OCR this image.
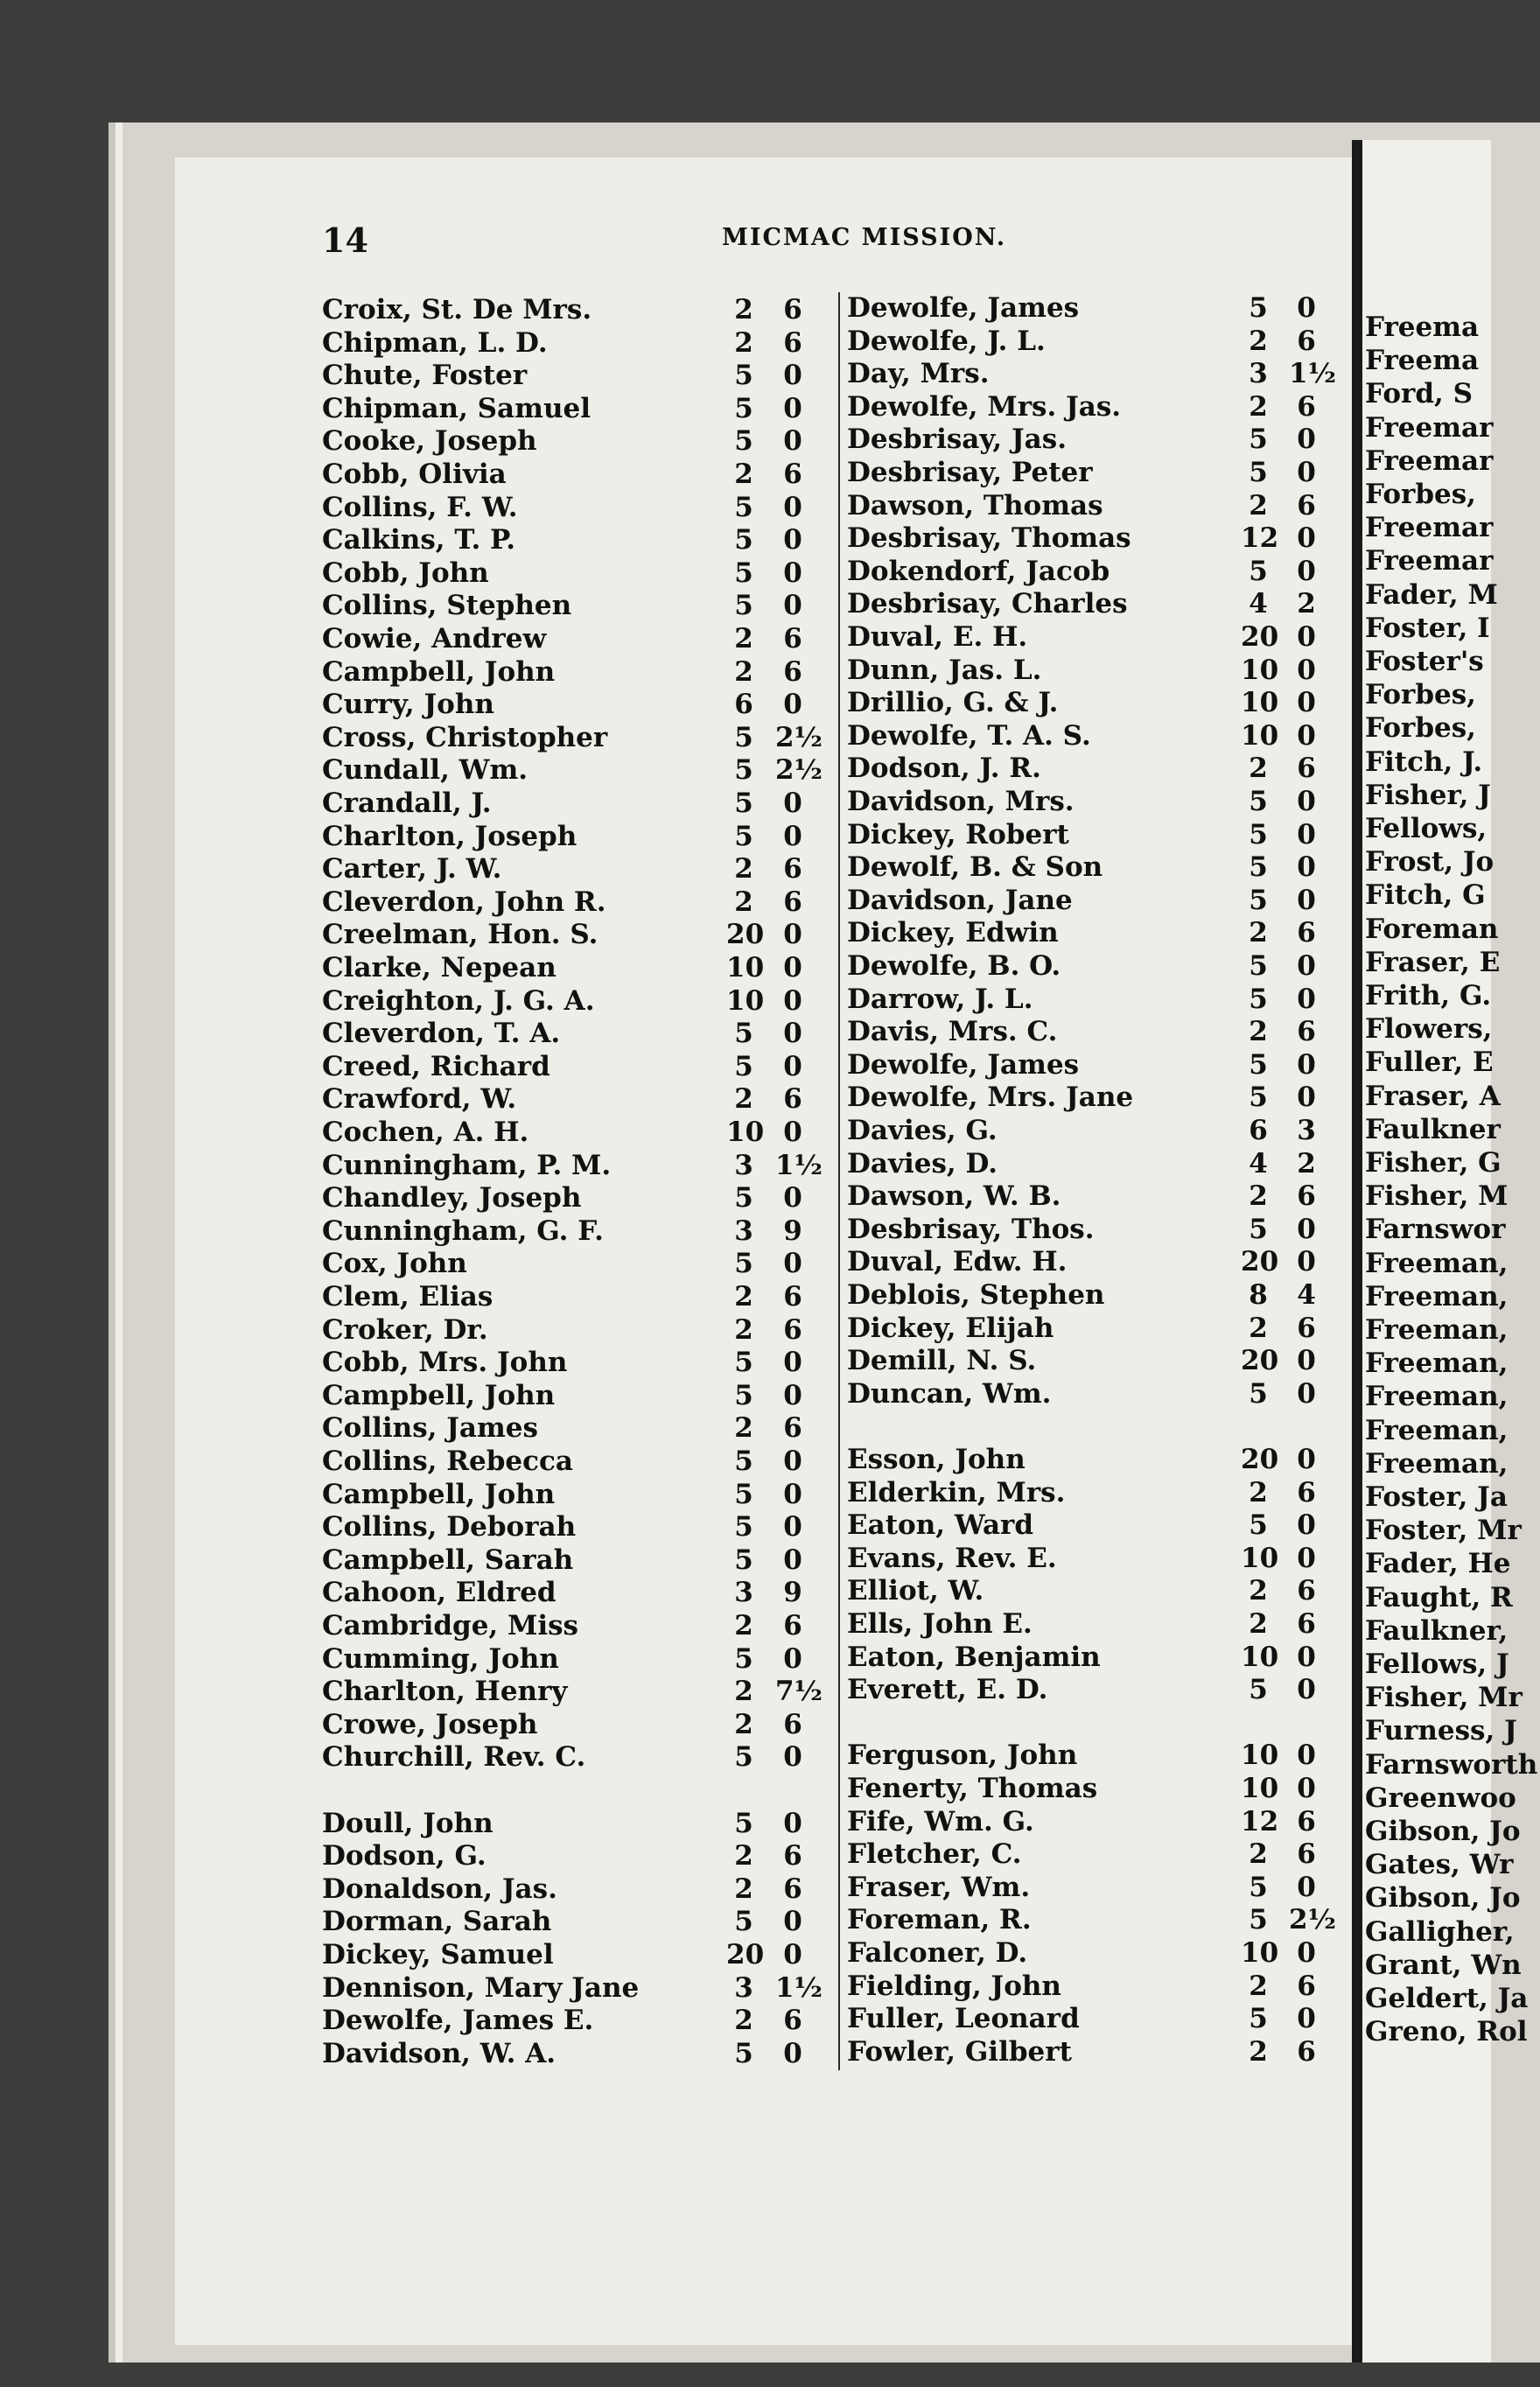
14	MICMAC MISSION.
Croix, St. De Mrs.	2 6
Chipman, L. D.	2 6
Chute, Foster	5 0
Chipman, Samuel	5 0
Cooke, Joseph	5 0
Cobb, Olivia	2 6
Collins, F. W.	5 0
Calkins, T. P.	5 0
Cobb, John	5 0
Collins, Stephen	5 0
Cowie, Andrew	2 6
Campbell, John	2 6
Curry, John	6 0
Cross, Christopher	5 2½
Cundall, Wm.	5 2½
Crandall, J.	5 0
Charlton, Joseph	5 0
Carter, J. W.	2 6
Cleverdon, John R.	2 6
Creelman, Hon. S.	20 0
Clarke, Nepean	10 0
Creighton, J. G. A.	10 0
Cleverdon, T. A.	5 0
Creed, Richard	5 0
Crawford, W.	2 6
Cochen, A. H.	10 0
Cunningham, P. M.	3 1½
Chandley, Joseph	5 0
Cunningham, G. F.	3 9
Cox, John	5 0
Clem, Elias	2 6
Croker, Dr.	2 6
Cobb, Mrs. John	5 0
Campbell, John	5 0
Collins, James	2 6
Collins, Rebecca	5 0
Campbell, John	5 0
Collins, Deborah	5 0
Campbell, Sarah	5 0
Cahoon, Eldred	3 9
Cambridge, Miss	2 6
Cumming, John	5 0
Charlton, Henry	2 7½
Crowe, Joseph	2 6
Churchill, Rev. C.	5 0
Doull, John	5 0
Dodson, G.	2 6
Donaldson, Jas.	2 6
Dorman, Sarah	5 0
Dickey, Samuel	20 0
Dennison, Mary Jane	3 1½
Dewolfe, James E.	2 6
Davidson, W. A.	5 0
Dewolfe, James	5 0
Dewolfe, J. L.	2 6
Day, Mrs.	3 1½
Dewolfe, Mrs. Jas.	2 6
Desbrisay, Jas.	5 0
Desbrisay, Peter	5 0
Dawson, Thomas	2 6
Desbrisay, Thomas	12 0
Dokendorf, Jacob	5 0
Desbrisay, Charles	4 2
Duval, E. H.	20 0
Dunn, Jas. L.	10 0
Drillio, G. & J.	10 0
Dewolfe, T. A. S.	10 0
Dodson, J. R.	2 6
Davidson, Mrs.	5 0
Dickey, Robert	5 0
Dewolf, B. & Son	5 0
Davidson, Jane	5 0
Dickey, Edwin	2 6
Dewolfe, B. O.	5 0
Darrow, J. L.	5 0
Davis, Mrs. C.	2 6
Dewolfe, James	5 0
Dewolfe, Mrs. Jane	5 0
Davies, G.	6 3
Davies, D.	4 2
Dawson, W. B.	2 6
Desbrisay, Thos.	5 0
Duval, Edw. H.	20 0
Deblois, Stephen	8 4
Dickey, Elijah	2 6
Demill, N. S.	20 0
Duncan, Wm.	5 0
Esson, John	20 0
Elderkin, Mrs.	2 6
Eaton, Ward	5 0
Evans, Rev. E.	10 0
Elliot, W.	2 6
Ells, John E.	2 6
Eaton, Benjamin	10 0
Everett, E. D.	5 0
Ferguson, John	10 0
Fenerty, Thomas	10 0
Fife, Wm. G.	12 6
Fletcher, C.	2 6
Fraser, Wm.	5 0
Foreman, R.	5 2½
Falconer, D.	10 0
Fielding, John	2 6
Fuller, Leonard	5 0
Fowler, Gilbert	2 6
Freema
Freema
Ford, S
Freemar
Freemar
Forbes,
Freemar
Freemar
Fader, M
Foster, I
Foster's
Forbes,
Forbes,
Fitch, J.
Fisher, J
Fellows,
Frost, Jo
Fitch, G
Foreman
Fraser, E
Frith, G.
Flowers,
Fuller, E
Fraser, A
Faulkner
Fisher, G
Fisher, M
Farnswor
Freeman,
Freeman,
Freeman,
Freeman,
Freeman,
Freeman,
Freeman,
Foster, Ja
Foster, Mr
Fader, He
Faught, R
Faulkner,
Fellows, J
Fisher, Mr
Furness, J
Farnsworth
Greenwoo
Gibson, Jo
Gates, Wr
Gibson, Jo
Galligher,
Grant, Wn
Geldert, Ja
Greno, Rol
